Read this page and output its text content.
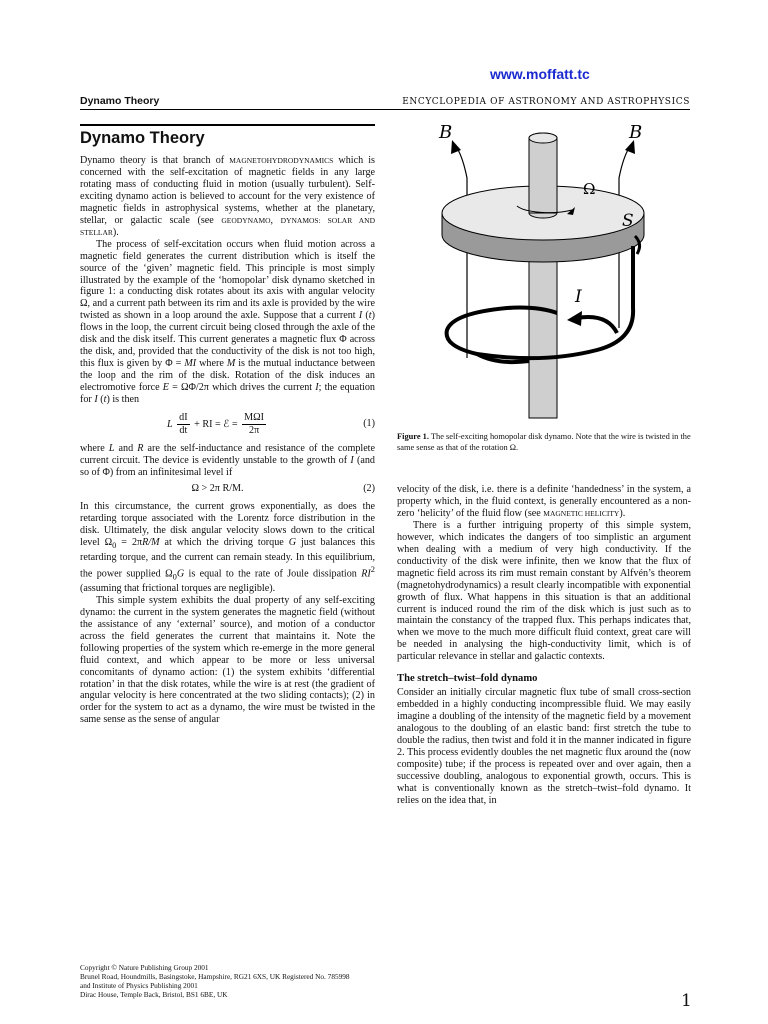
www.moffatt.tc
Dynamo Theory	ENCYCLOPEDIA OF ASTRONOMY AND ASTROPHYSICS
Dynamo Theory

Dynamo theory is that branch of MAGNETOHYDRODYNAMICS which is concerned with the self-excitation of magnetic fields in any large rotating mass of conducting fluid in motion (usually turbulent). Self-exciting dynamo action is believed to account for the very existence of magnetic fields in astrophysical systems, whether at the planetary, stellar, or galactic scale (see GEODYNAMO, DYNAMOS: SOLAR AND STELLAR).

The process of self-excitation occurs when fluid motion across a magnetic field generates the current distribution which is itself the source of the ‘given’ magnetic field. This principle is most simply illustrated by the example of the ‘homopolar’ disk dynamo sketched in figure 1: a conducting disk rotates about its axis with angular velocity Ω, and a current path between its rim and its axle is provided by the wire twisted as shown in a loop around the axle. Suppose that a current I (t) flows in the loop, the current circuit being closed through the axle of the disk and the disk itself. This current generates a magnetic flux Φ across the disk, and, provided that the conductivity of the disk is not too high, this flux is given by Φ = MI where M is the mutual inductance between the loop and the rim of the disk. Rotation of the disk induces an electromotive force E = ΩΦ/2π which drives the current I; the equation for I (t) is then

L $\frac{dI}{dt}$ + RI = ℰ = $\frac{\text{MΩI}}{2\pi}$	(1)

where L and R are the self-inductance and resistance of the complete current circuit. The device is evidently unstable to the growth of I (and so of Φ) from an infinitesimal level if

Ω > 2π R/M.	(2)

In this circumstance, the current grows exponentially, as does the retarding torque associated with the Lorentz force distribution in the disk. Ultimately, the disk angular velocity slows down to the critical level $\Omega_0 = 2\pi R/M$ at which the driving torque G just balances this retarding torque, and the current can remain steady. In this equilibrium, the power supplied $\Omega_0G$ is equal to the rate of Joule dissipation $RI^2$ (assuming that frictional torques are negligible).

This simple system exhibits the dual property of any self-exciting dynamo: the current in the system generates the magnetic field (without the assistance of any ‘external’ source), and motion of a conductor across the field generates the current that maintains it. Note the following properties of the system which re-emerge in the more general fluid context, and which appear to be more or less universal concomitants of dynamo action: (1) the system exhibits ‘differential rotation’ in that the disk rotates, while the wire is at rest (the gradient of angular velocity is here concentrated at the two sliding contacts); (2) in order for the system to act as a dynamo, the wire must be twisted in the same sense as the sense of angular

B	B
Ω
S
I
Figure 1. The self-exciting homopolar disk dynamo. Note that the wire is twisted in the same sense as that of the rotation Ω.

velocity of the disk, i.e. there is a definite ‘handedness’ in the system, a property which, in the fluid context, is generally encountered as a non-zero ‘helicity’ of the fluid flow (see MAGNETIC HELICITY).

There is a further intriguing property of this simple system, however, which indicates the dangers of too simplistic an argument when dealing with a medium of very high conductivity. If the conductivity of the disk were infinite, then we know that the flux of magnetic field across its rim must remain constant by Alfvén’s theorem (magnetohydrodynamics) a result clearly incompatible with exponential growth of flux. What happens in this situation is that an additional current is induced round the rim of the disk which is just such as to maintain the constancy of the trapped flux. This perhaps indicates that, when we move to the much more difficult fluid context, great care will be needed in analysing the high-conductivity limit, which is of particular relevance in stellar and galactic contexts.

The stretch–twist–fold dynamo

Consider an initially circular magnetic flux tube of small cross-section embedded in a highly conducting incompressible fluid. We may easily imagine a doubling of the intensity of the magnetic field by a movement analogous to the doubling of an elastic band: first stretch the tube to double the radius, then twist and fold it in the manner indicated in figure 2. This process evidently doubles the net magnetic flux around the (now composite) tube; if the process is repeated over and over again, then a successive doubling, analogous to exponential growth, occurs. This is what is conventionally known as the stretch–twist–fold dynamo. It relies on the idea that, in

Copyright © Nature Publishing Group 2001
Brunel Road, Houndmills, Basingstoke, Hampshire, RG21 6XS, UK Registered No. 785998
and Institute of Physics Publishing 2001
Dirac House, Temple Back, Bristol, BS1 6BE, UK	1
